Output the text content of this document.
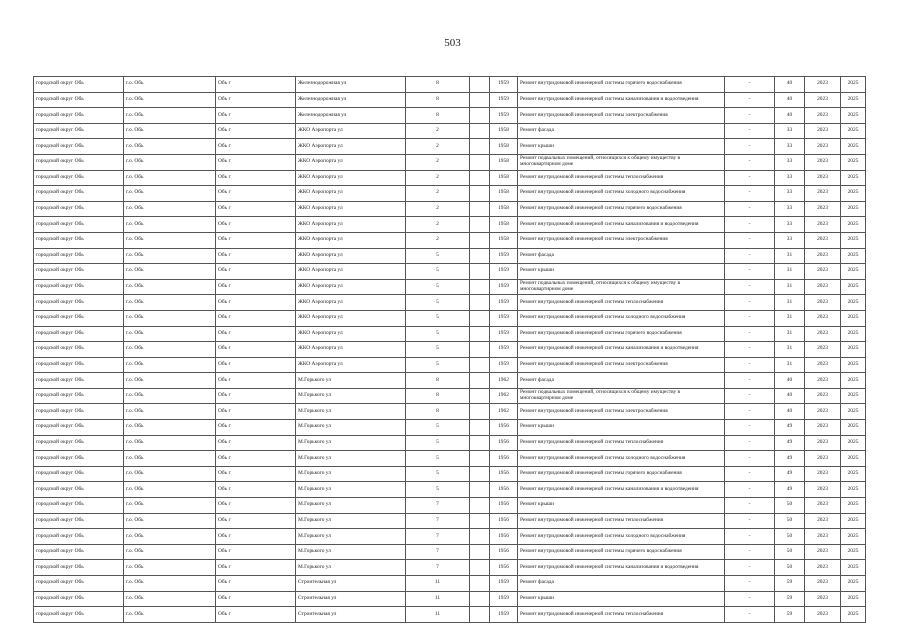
503
городской округ Обь	г.о. Обь	Обь г	Железнодорожная ул	8		1959	Ремонт внутридомовой инженерной системы горячего водоснабжения	-	40	2023	2025
городской округ Обь	г.о. Обь	Обь г	Железнодорожная ул	8		1959	Ремонт внутридомовой инженерной системы канализования и водоотведения	-	40	2023	2025
городской округ Обь	г.о. Обь	Обь г	Железнодорожная ул	8		1959	Ремонт внутридомовой инженерной системы электроснабжения	-	40	2023	2025
городской округ Обь	г.о. Обь	Обь г	ЖКО Аэропорта ул	2		1958	Ремонт фасада	-	33	2023	2025
городской округ Обь	г.о. Обь	Обь г	ЖКО Аэропорта ул	2		1958	Ремонт крыши	-	33	2023	2025
городской округ Обь	г.о. Обь	Обь г	ЖКО Аэропорта ул	2		1958	Ремонт подвальных помещений, относящихся к общему имуществу в многоквартирном доме	-	33	2023	2025
городской округ Обь	г.о. Обь	Обь г	ЖКО Аэропорта ул	2		1958	Ремонт внутридомовой инженерной системы теплоснабжения	-	33	2023	2025
городской округ Обь	г.о. Обь	Обь г	ЖКО Аэропорта ул	2		1958	Ремонт внутридомовой инженерной системы холодного водоснабжения	-	33	2023	2025
городской округ Обь	г.о. Обь	Обь г	ЖКО Аэропорта ул	2		1958	Ремонт внутридомовой инженерной системы горячего водоснабжения	-	33	2023	2025
городской округ Обь	г.о. Обь	Обь г	ЖКО Аэропорта ул	2		1958	Ремонт внутридомовой инженерной системы канализования и водоотведения	-	33	2023	2025
городской округ Обь	г.о. Обь	Обь г	ЖКО Аэропорта ул	2		1958	Ремонт внутридомовой инженерной системы электроснабжения	-	33	2023	2025
городской округ Обь	г.о. Обь	Обь г	ЖКО Аэропорта ул	5		1959	Ремонт фасада	-	31	2023	2025
городской округ Обь	г.о. Обь	Обь г	ЖКО Аэропорта ул	5		1959	Ремонт крыши	-	31	2023	2025
городской округ Обь	г.о. Обь	Обь г	ЖКО Аэропорта ул	5		1959	Ремонт подвальных помещений, относящихся к общему имуществу в многоквартирном доме	-	31	2023	2025
городской округ Обь	г.о. Обь	Обь г	ЖКО Аэропорта ул	5		1959	Ремонт внутридомовой инженерной системы теплоснабжения	-	31	2023	2025
городской округ Обь	г.о. Обь	Обь г	ЖКО Аэропорта ул	5		1959	Ремонт внутридомовой инженерной системы холодного водоснабжения	-	31	2023	2025
городской округ Обь	г.о. Обь	Обь г	ЖКО Аэропорта ул	5		1959	Ремонт внутридомовой инженерной системы горячего водоснабжения	-	31	2023	2025
городской округ Обь	г.о. Обь	Обь г	ЖКО Аэропорта ул	5		1959	Ремонт внутридомовой инженерной системы канализования и водоотведения	-	31	2023	2025
городской округ Обь	г.о. Обь	Обь г	ЖКО Аэропорта ул	5		1959	Ремонт внутридомовой инженерной системы электроснабжения	-	31	2023	2025
городской округ Обь	г.о. Обь	Обь г	М.Горького ул	8		1962	Ремонт фасада	-	40	2023	2025
городской округ Обь	г.о. Обь	Обь г	М.Горького ул	8		1962	Ремонт подвальных помещений, относящихся к общему имуществу в многоквартирном доме	-	40	2023	2025
городской округ Обь	г.о. Обь	Обь г	М.Горького ул	8		1962	Ремонт внутридомовой инженерной системы электроснабжения	-	40	2023	2025
городской округ Обь	г.о. Обь	Обь г	М.Горького ул	5		1956	Ремонт крыши	-	49	2023	2025
городской округ Обь	г.о. Обь	Обь г	М.Горького ул	5		1956	Ремонт внутридомовой инженерной системы теплоснабжения	-	49	2023	2025
городской округ Обь	г.о. Обь	Обь г	М.Горького ул	5		1956	Ремонт внутридомовой инженерной системы холодного водоснабжения	-	49	2023	2025
городской округ Обь	г.о. Обь	Обь г	М.Горького ул	5		1956	Ремонт внутридомовой инженерной системы горячего водоснабжения	-	49	2023	2025
городской округ Обь	г.о. Обь	Обь г	М.Горького ул	5		1956	Ремонт внутридомовой инженерной системы канализования и водоотведения	-	49	2023	2025
городской округ Обь	г.о. Обь	Обь г	М.Горького ул	7		1956	Ремонт крыши	-	50	2023	2025
городской округ Обь	г.о. Обь	Обь г	М.Горького ул	7		1956	Ремонт внутридомовой инженерной системы теплоснабжения	-	50	2023	2025
городской округ Обь	г.о. Обь	Обь г	М.Горького ул	7		1956	Ремонт внутридомовой инженерной системы холодного водоснабжения	-	50	2023	2025
городской округ Обь	г.о. Обь	Обь г	М.Горького ул	7		1956	Ремонт внутридомовой инженерной системы горячего водоснабжения	-	50	2023	2025
городской округ Обь	г.о. Обь	Обь г	М.Горького ул	7		1956	Ремонт внутридомовой инженерной системы канализования и водоотведения	-	50	2023	2025
городской округ Обь	г.о. Обь	Обь г	Строительная ул	11		1959	Ремонт фасада	-	59	2023	2025
городской округ Обь	г.о. Обь	Обь г	Строительная ул	11		1959	Ремонт крыши	-	59	2023	2025
городской округ Обь	г.о. Обь	Обь г	Строительная ул	11		1959	Ремонт внутридомовой инженерной системы теплоснабжения	-	59	2023	2025
